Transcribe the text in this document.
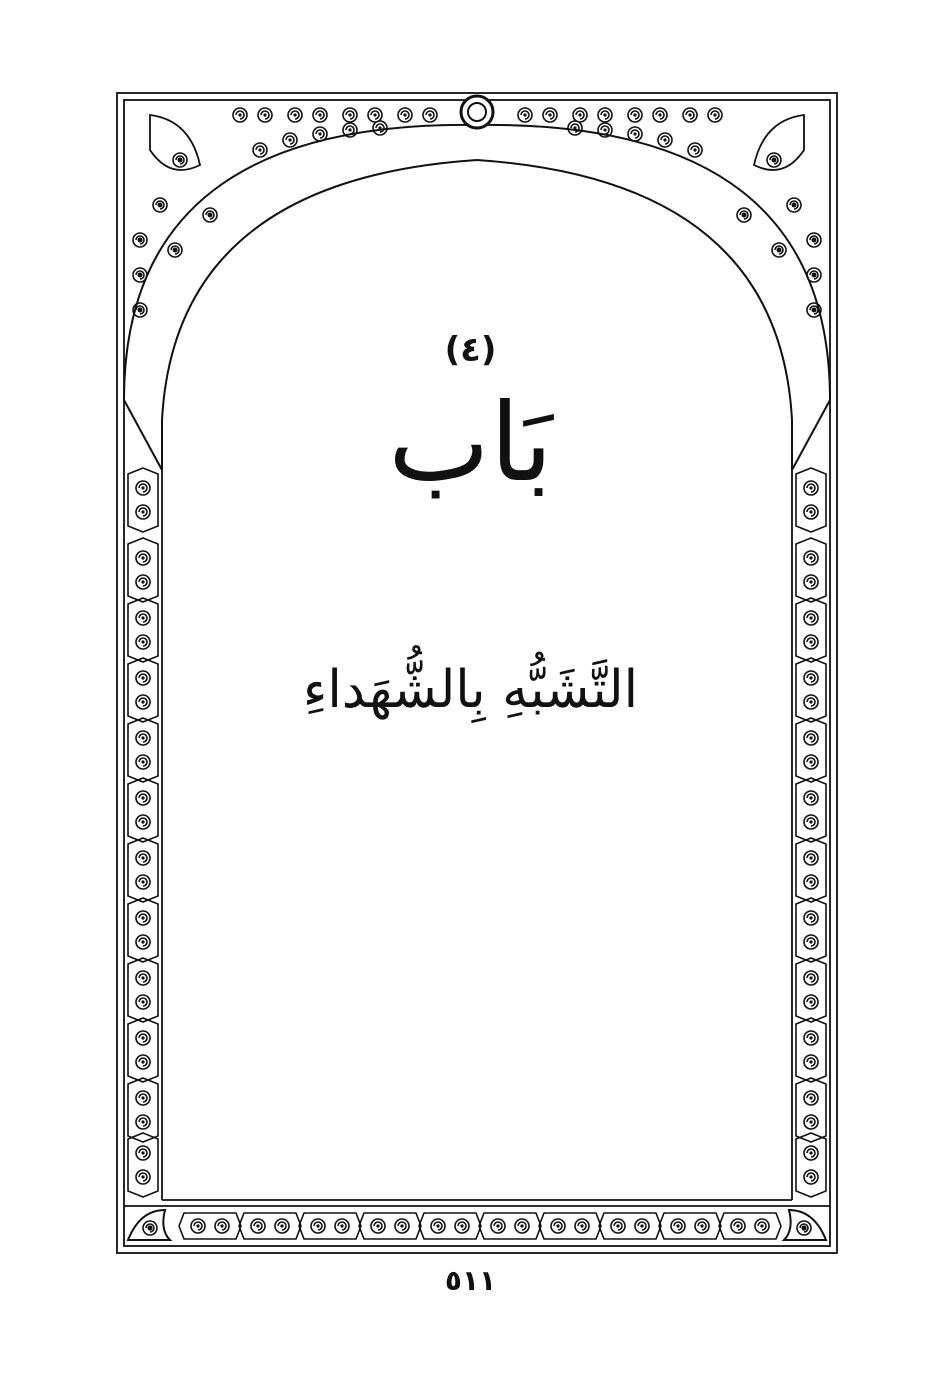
(٤)
بَاب
التَّشَبُّهِ بِالشُّهَداءِ
٥١١
